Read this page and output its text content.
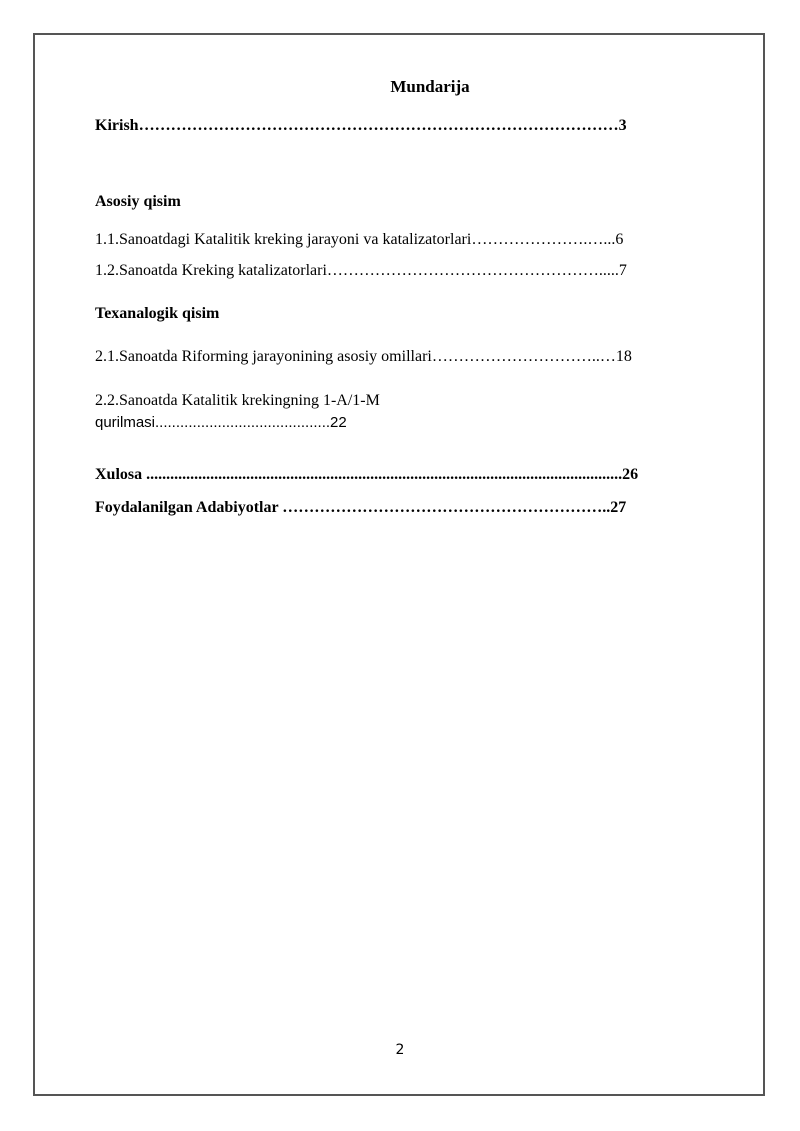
Mundarija
Kirish………………………………………………………………………………3
Asosiy qisim
1.1.Sanoatdagi Katalitik kreking jarayoni va katalizatorlari………………….…...6
1.2.Sanoatda Kreking katalizatorlari…………………………………………….....7
Texanalogik qisim
2.1.Sanoatda Riforming jarayonining asosiy omillari…………………………..…18
2.2.Sanoatda Katalitik krekingning 1-A/1-M
qurilmasi..........................................22
Xulosa .......................................................................................................................26
Foydalanilgan Adabiyotlar ……………………………………………………..27
2
